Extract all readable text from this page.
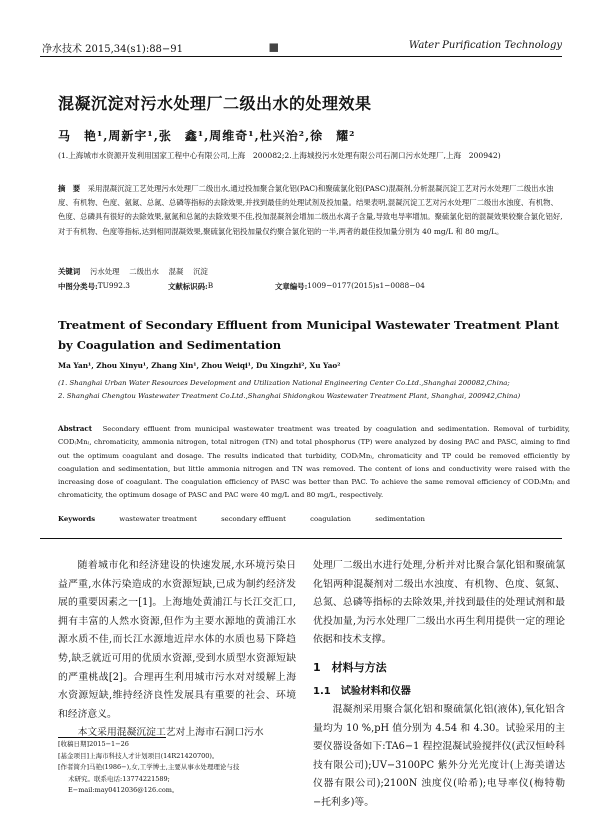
净水技术 2015,34(s1):88−91	▪	Water Purification Technology
混凝沉淀对污水处理厂二级出水的处理效果
马　艳¹,周新宇¹,张　鑫¹,周维奇¹,杜兴治²,徐　耀²
(1.上海城市水资源开发利用国家工程中心有限公司,上海　200082;2.上海城投污水处理有限公司石洞口污水处理厂,上海　200942)
摘　要　 采用混凝沉淀工艺处理污水处理厂二级出水,通过投加聚合氯化铝(PAC)和聚硫氯化铝(PASC)混凝剂,分析混凝沉淀工艺对污水处理厂二级出水浊度、有机物、色度、氨氮、总氮、总磷等指标的去除效果,并找到最佳的处理试剂及投加量。结果表明,混凝沉淀工艺对污水处理厂二级出水浊度、有机物、色度、总磷具有很好的去除效果,氨氮和总氮的去除效果不佳,投加混凝剂会增加二级出水离子含量,导致电导率增加。聚硫氯化铝的混凝效果较聚合氯化铝好,对于有机物、色度等指标,达到相同混凝效果,聚硫氯化铝投加量仅约聚合氯化铝的一半,两者的最佳投加量分别为 40 mg/L 和 80 mg/L。
关键词　 污水处理　 二级出水　 混凝　 沉淀
中图分类号: TU992.3	文献标识码: B	文章编号: 1009−0177(2015)s1−0088−04
Treatment of Secondary Effluent from Municipal Wastewater Treatment Plant by Coagulation and Sedimentation
Ma Yan¹, Zhou Xinyu¹, Zhang Xin¹, Zhou Weiqi¹, Du Xingzhi², Xu Yao²
(1. Shanghai Urban Water Resources Development and Utilization National Engineering Center Co.Ltd.,Shanghai 200082,China;
2. Shanghai Chengtou Wastewater Treatment Co.Ltd.,Shanghai Shidongkou Wastewater Treatment Plant, Shanghai, 200942,China)
Abstract　 Secondary effluent from municipal wastewater treatment was treated by coagulation and sedimentation. Removal of turbidity, COD₍Mn₎, chromaticity, ammonia nitrogen, total nitrogen (TN) and total phosphorus (TP) were analyzed by dosing PAC and PASC, aiming to find out the optimum coagulant and dosage. The results indicated that turbidity, COD₍Mn₎, chromaticity and TP could be removed efficiently by coagulation and sedimentation, but little ammonia nitrogen and TN was removed. The content of ions and conductivity were raised with the increasing dose of coagulant. The coagulation efficiency of PASC was better than PAC. To achieve the same removal efficiency of COD₍Mn₎ and chromaticity, the optimum dosage of PASC and PAC were 40 mg/L and 80 mg/L, respectively.
Keywords	wastewater treatment	secondary effluent	coagulation	sedimentation
随着城市化和经济建设的快速发展,水环境污染日益严重,水体污染造成的水资源短缺,已成为制约经济发展的重要因素之一[1]。上海地处黄浦江与长江交汇口,拥有丰富的人然水资源,但作为主要水源地的黄浦江水源水质不佳,而长江水源地近岸水体的水质也易下降趋势,缺乏就近可用的优质水资源,受到水质型水资源短缺的严重桃战[2]。合理再生利用城市污水对对缓解上海水资源短缺,维持经济良性发展具有重要的社会、环境和经济意义。
本文采用混凝沉淀工艺对上海市石洞口污水
处理厂二级出水进行处理,分析并对比聚合氯化铝和聚硫氯化铝两种混凝剂对二级出水浊度、有机物、色度、氨氮、总氮、总磷等指标的去除效果,并找到最佳的处理试剂和最优投加量,为污水处理厂二级出水再生利用提供一定的理论依据和技术支撑。
1　材料与方法
1.1　试验材料和仪器
混凝剂采用聚合氯化铝和聚硫氯化铝(液体),氧化铝含量均为 10 %,pH 值分别为 4.54 和 4.30。试验采用的主要仪器设备如下:TA6−1 程控混凝试验搅拌仪(武汉恒岭科技有限公司);UV−3100PC 紫外分光光度计(上海美谱达仪器有限公司);2100N 浊度仪(哈希);电导率仪(梅特勒−托利多)等。
[收稿日期]2015−1−26
[基金项目]上海市科技人才计划项目(14R21420700)。
[作者简介]马艳(1986−),女,工学博士,主要从事水处理理论与技
术研究。联系电话:13774221589;
E−mail:may0412036@126.com。
